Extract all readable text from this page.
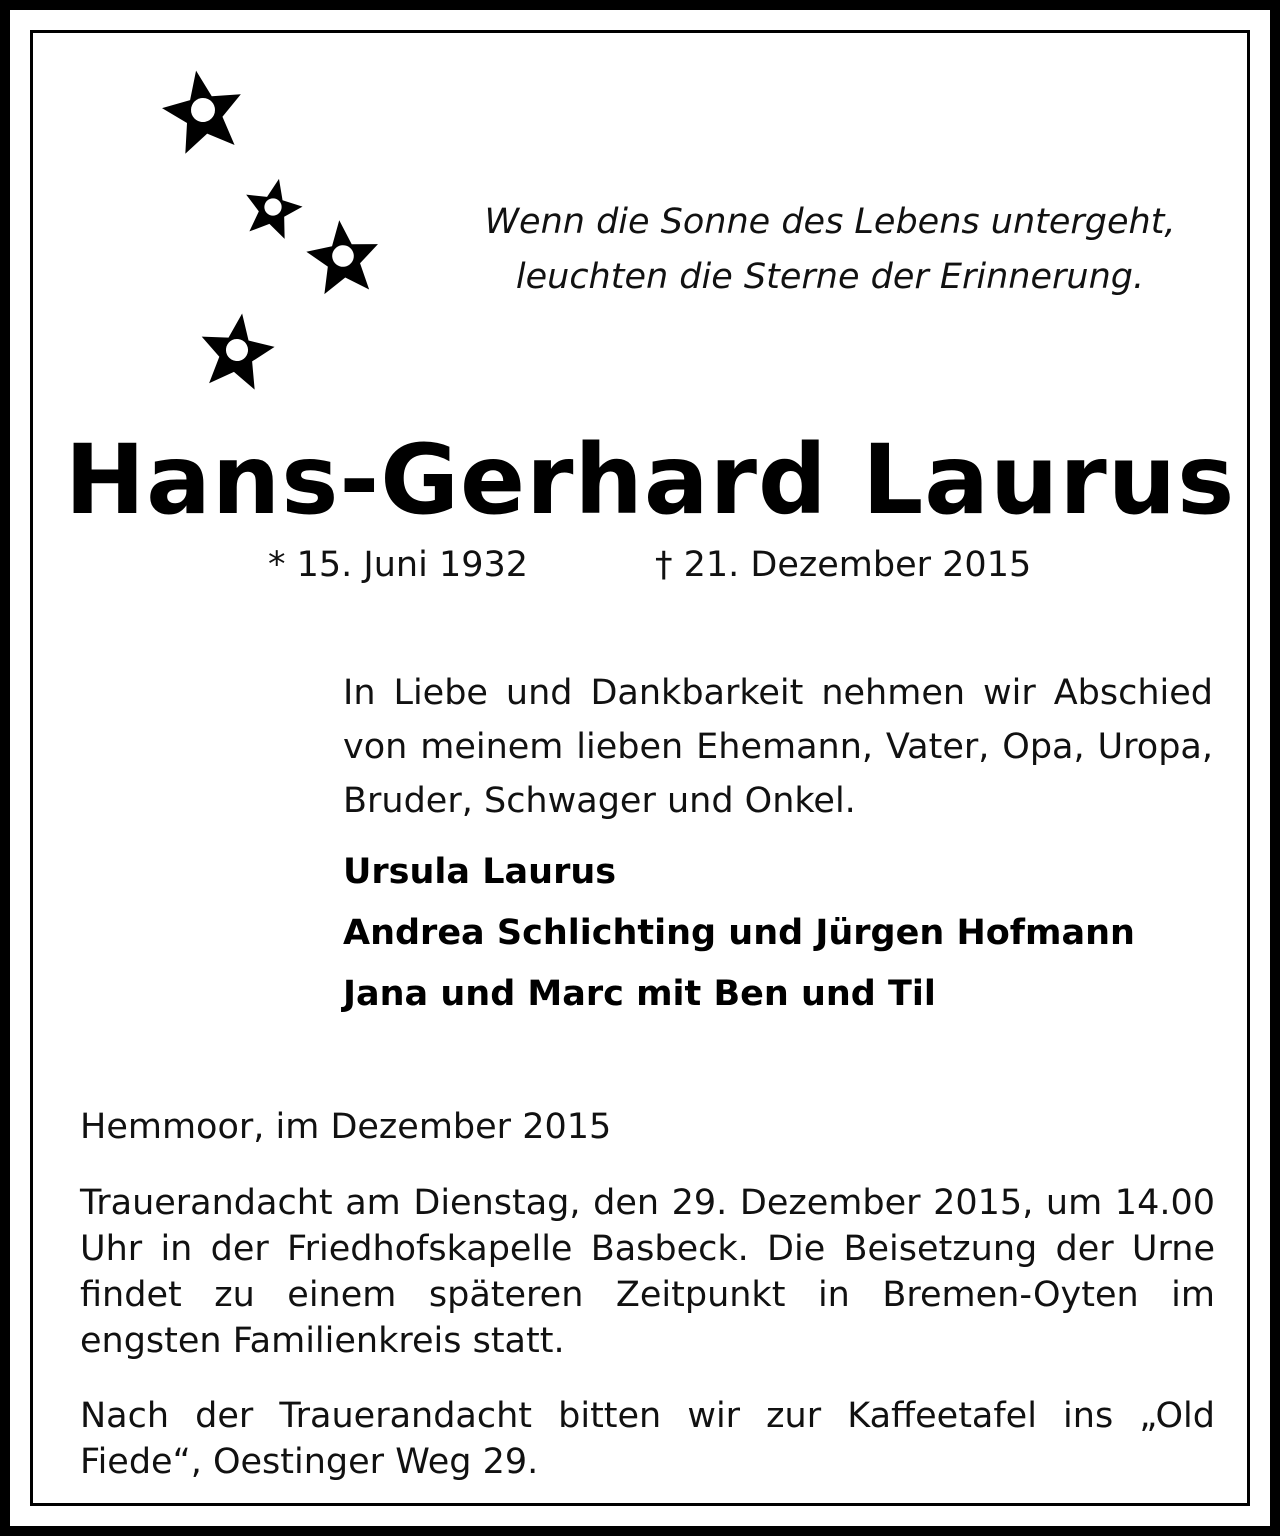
Wenn die Sonne des Lebens untergeht,
leuchten die Sterne der Erinnerung.
Hans-Gerhard Laurus
* 15. Juni 1932	† 21. Dezember 2015
In Liebe und Dankbarkeit nehmen wir Abschied von meinem lieben Ehemann, Vater, Opa, Uropa, Bruder, Schwager und Onkel.
Ursula Laurus
Andrea Schlichting und Jürgen Hofmann
Jana und Marc mit Ben und Til
Hemmoor, im Dezember 2015
Trauerandacht am Dienstag, den 29. Dezember 2015, um 14.00 Uhr in der Friedhofskapelle Basbeck. Die Beisetzung der Urne findet zu einem späteren Zeitpunkt in Bremen-Oyten im engsten Familienkreis statt.
Nach der Trauerandacht bitten wir zur Kaffeetafel ins „Old Fiede“, Oestinger Weg 29.
